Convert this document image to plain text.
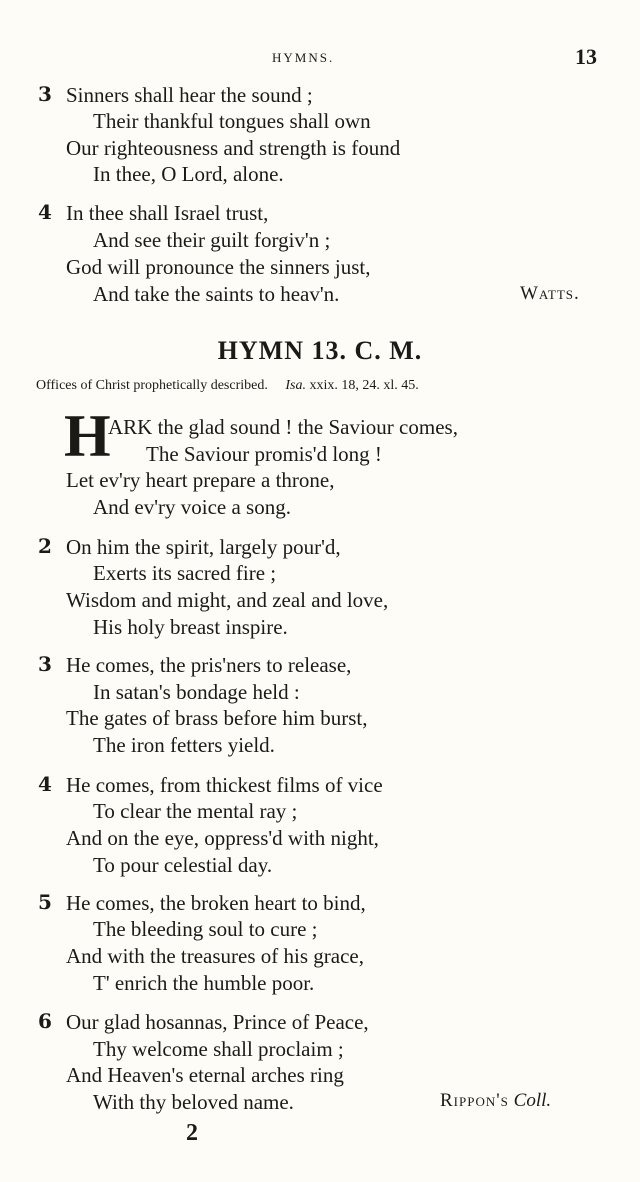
HYMNS.	13
3 Sinners shall hear the sound ;
Their thankful tongues shall own
Our righteousness and strength is found
In thee, O Lord, alone.
4 In thee shall Israel trust,
And see their guilt forgiv'n ;
God will pronounce the sinners just,
And take the saints to heav'n.	Watts.
HYMN 13. C. M.
Offices of Christ prophetically described. Isa. xxix. 18, 24. xl. 45.
H
ARK the glad sound ! the Saviour comes,
The Saviour promis'd long !
Let ev'ry heart prepare a throne,
And ev'ry voice a song.
2 On him the spirit, largely pour'd,
Exerts its sacred fire ;
Wisdom and might, and zeal and love,
His holy breast inspire.
3 He comes, the pris'ners to release,
In satan's bondage held :
The gates of brass before him burst,
The iron fetters yield.
4 He comes, from thickest films of vice
To clear the mental ray ;
And on the eye, oppress'd with night,
To pour celestial day.
5 He comes, the broken heart to bind,
The bleeding soul to cure ;
And with the treasures of his grace,
T' enrich the humble poor.
6 Our glad hosannas, Prince of Peace,
Thy welcome shall proclaim ;
And Heaven's eternal arches ring
With thy beloved name.	Rippon's Coll.
2
